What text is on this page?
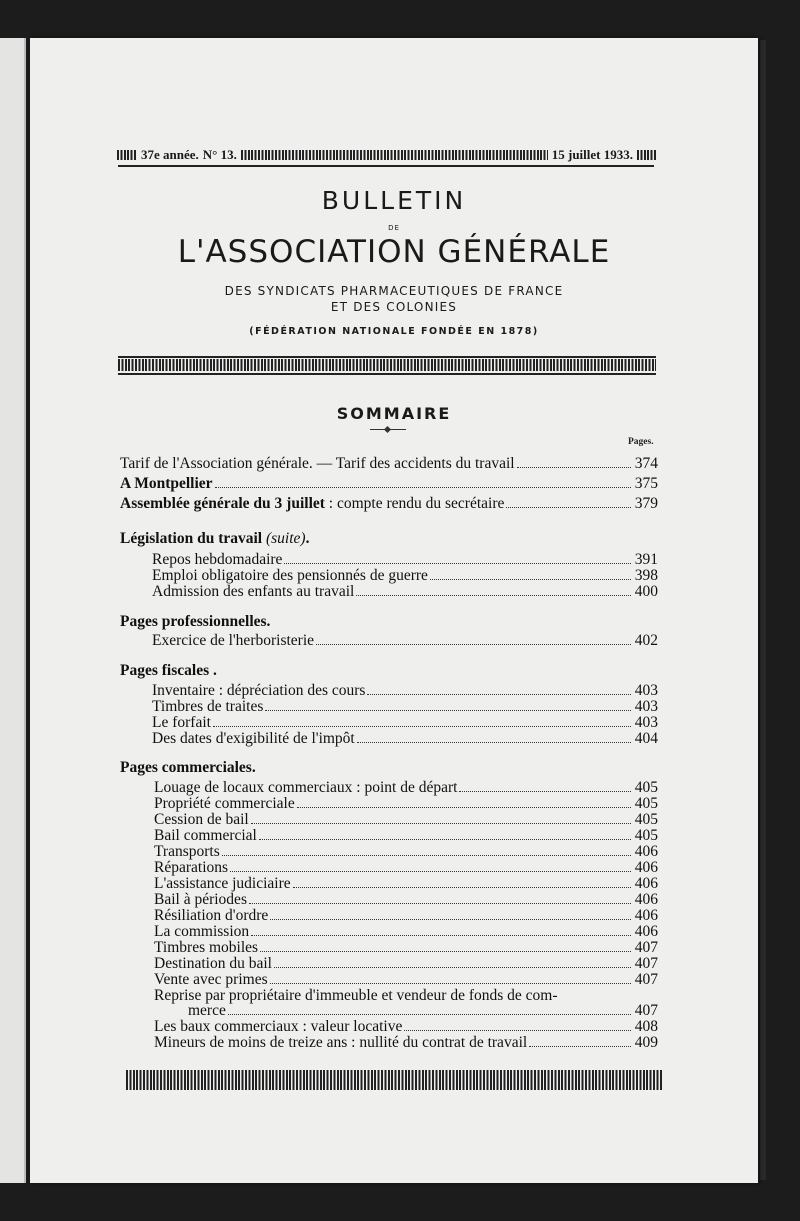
37e année. N° 13.	15 juillet 1933.
BULLETIN
DE
L'ASSOCIATION GÉNÉRALE
DES SYNDICATS PHARMACEUTIQUES DE FRANCE
ET DES COLONIES
(FÉDÉRATION NATIONALE FONDÉE EN 1878)
SOMMAIRE
Pages.
Tarif de l'Association générale. — Tarif des accidents du travail	374
A Montpellier	375
Assemblée générale du 3 juillet : compte rendu du secrétaire	379
Législation du travail (suite).
Repos hebdomadaire	391
Emploi obligatoire des pensionnés de guerre	398
Admission des enfants au travail	400
Pages professionnelles.
Exercice de l'herboristerie	402
Pages fiscales .
Inventaire : dépréciation des cours	403
Timbres de traites	403
Le forfait	403
Des dates d'exigibilité de l'impôt	404
Pages commerciales.
Louage de locaux commerciaux : point de départ	405
Propriété commerciale	405
Cession de bail	405
Bail commercial	405
Transports	406
Réparations	406
L'assistance judiciaire	406
Bail à périodes	406
Résiliation d'ordre	406
La commission	406
Timbres mobiles	407
Destination du bail	407
Vente avec primes	407
Reprise par propriétaire d'immeuble et vendeur de fonds de com-
merce	407
Les baux commerciaux : valeur locative	408
Mineurs de moins de treize ans : nullité du contrat de travail	409
